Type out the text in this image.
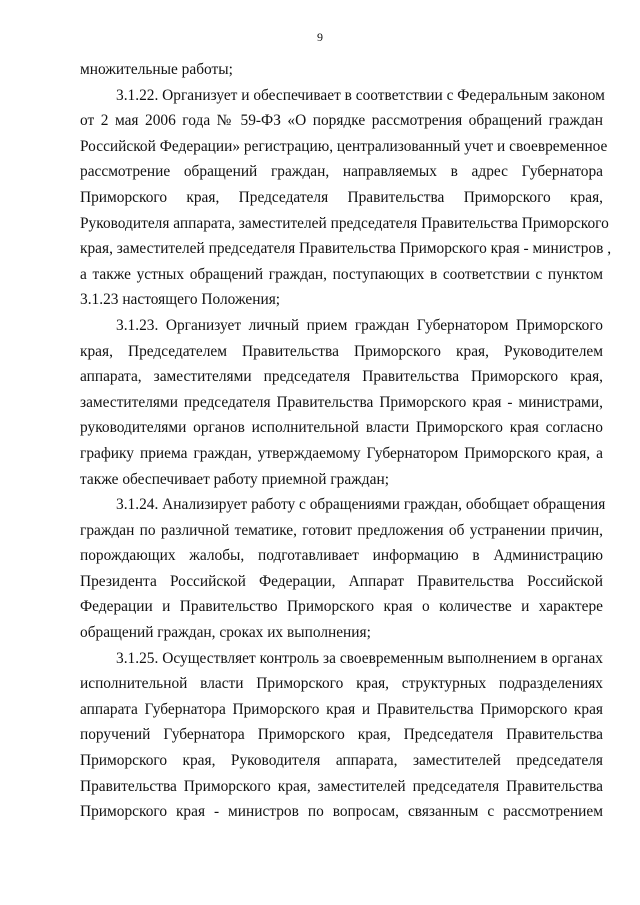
9

множительные работы;

3.1.22. Организует и обеспечивает в соответствии с Федеральным законом
от 2 мая 2006 года № 59-ФЗ «О порядке рассмотрения обращений граждан
Российской Федерации» регистрацию, централизованный учет и своевременное
рассмотрение обращений граждан, направляемых в адрес Губернатора
Приморского края, Председателя Правительства Приморского края,
Руководителя аппарата, заместителей председателя Правительства Приморского
края, заместителей председателя Правительства Приморского края - министров ,
а также устных обращений граждан, поступающих в соответствии с пунктом
3.1.23 настоящего Положения;

3.1.23. Организует личный прием граждан Губернатором Приморского
края, Председателем Правительства Приморского края, Руководителем
аппарата, заместителями председателя Правительства Приморского края,
заместителями председателя Правительства Приморского края - министрами,
руководителями органов исполнительной власти Приморского края согласно
графику приема граждан, утверждаемому Губернатором Приморского края, а
также обеспечивает работу приемной граждан;

3.1.24. Анализирует работу с обращениями граждан, обобщает обращения
граждан по различной тематике, готовит предложения об устранении причин,
порождающих жалобы, подготавливает информацию в Администрацию
Президента Российской Федерации, Аппарат Правительства Российской
Федерации и Правительство Приморского края о количестве и характере
обращений граждан, сроках их выполнения;

3.1.25. Осуществляет контроль за своевременным выполнением в органах
исполнительной власти Приморского края, структурных подразделениях
аппарата Губернатора Приморского края и Правительства Приморского края
поручений Губернатора Приморского края, Председателя Правительства
Приморского края, Руководителя аппарата, заместителей председателя
Правительства Приморского края, заместителей председателя Правительства
Приморского края - министров по вопросам, связанным с рассмотрением
